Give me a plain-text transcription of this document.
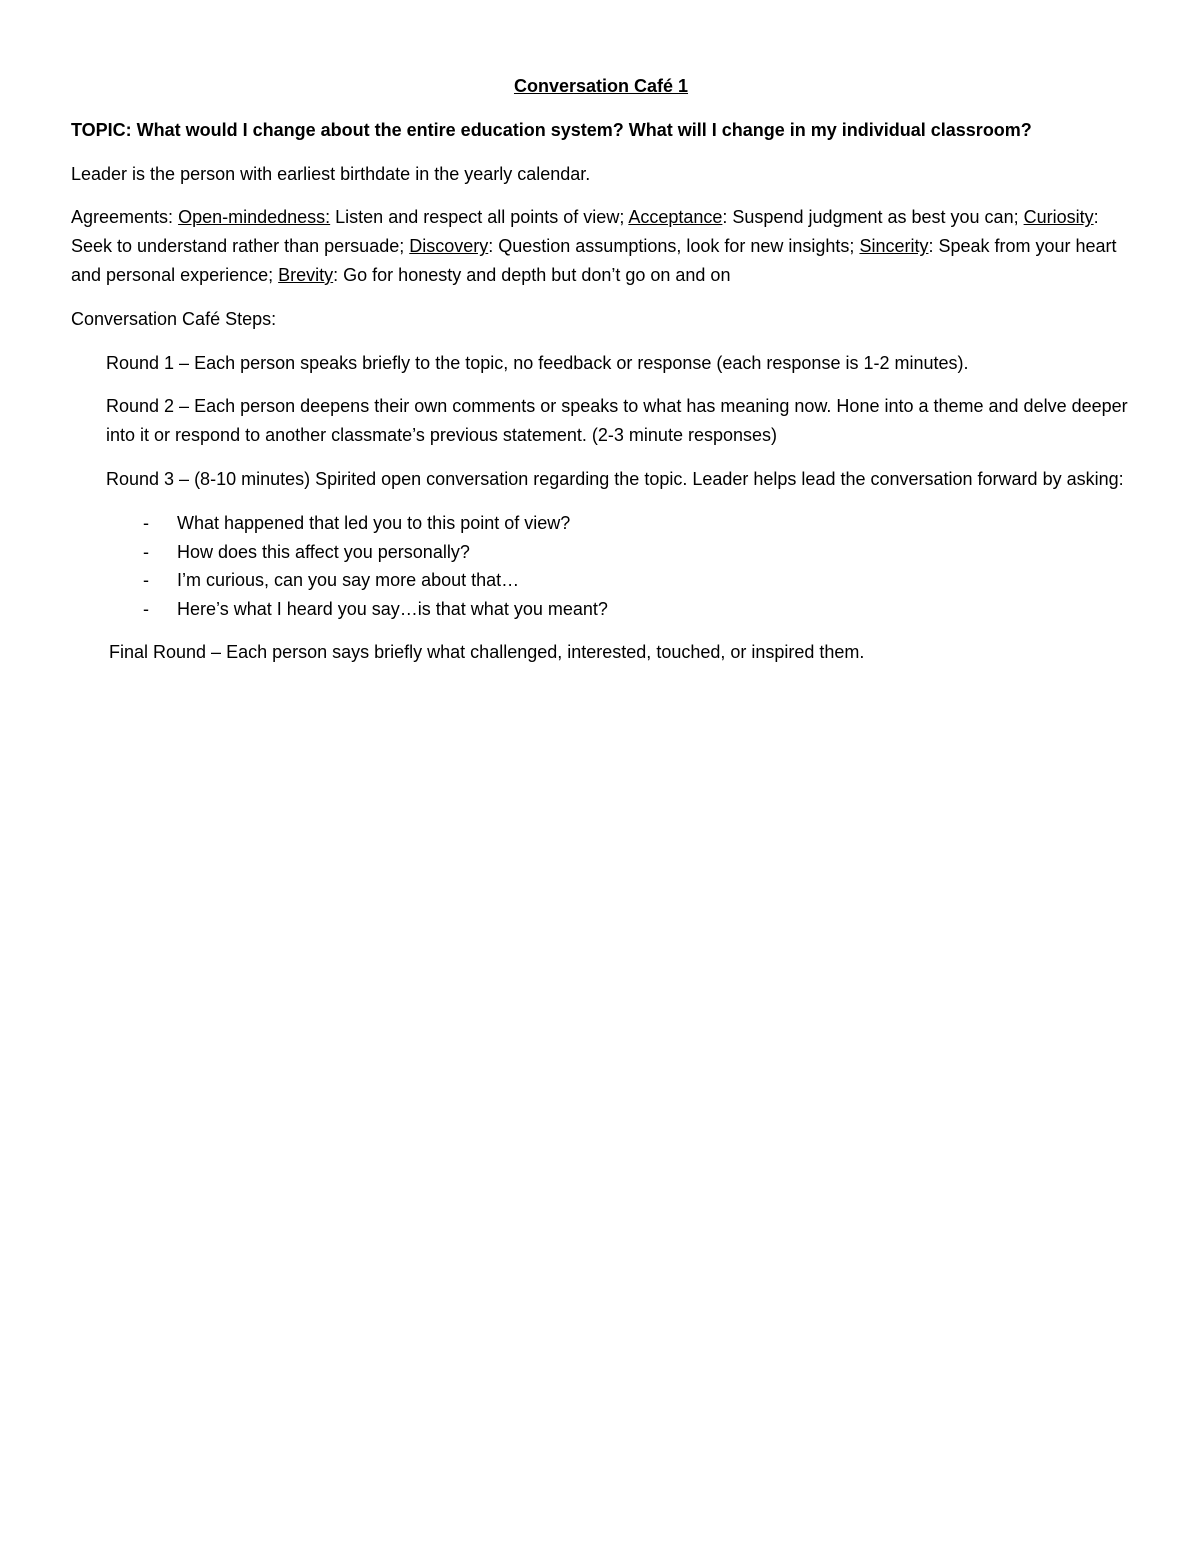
Conversation Café 1
TOPIC: What would I change about the entire education system? What will I change in my individual classroom?

Leader is the person with earliest birthdate in the yearly calendar.

Agreements: Open-mindedness: Listen and respect all points of view; Acceptance: Suspend judgment as best you can; Curiosity: Seek to understand rather than persuade; Discovery: Question assumptions, look for new insights; Sincerity: Speak from your heart and personal experience; Brevity: Go for honesty and depth but don’t go on and on

Conversation Café Steps:

Round 1 – Each person speaks briefly to the topic, no feedback or response (each response is 1-2 minutes).

Round 2 – Each person deepens their own comments or speaks to what has meaning now. Hone into a theme and delve deeper into it or respond to another classmate’s previous statement. (2-3 minute responses)

Round 3 – (8-10 minutes) Spirited open conversation regarding the topic. Leader helps lead the conversation forward by asking:

- What happened that led you to this point of view?
- How does this affect you personally?
- I’m curious, can you say more about that…
- Here’s what I heard you say…is that what you meant?

Final Round – Each person says briefly what challenged, interested, touched, or inspired them.
